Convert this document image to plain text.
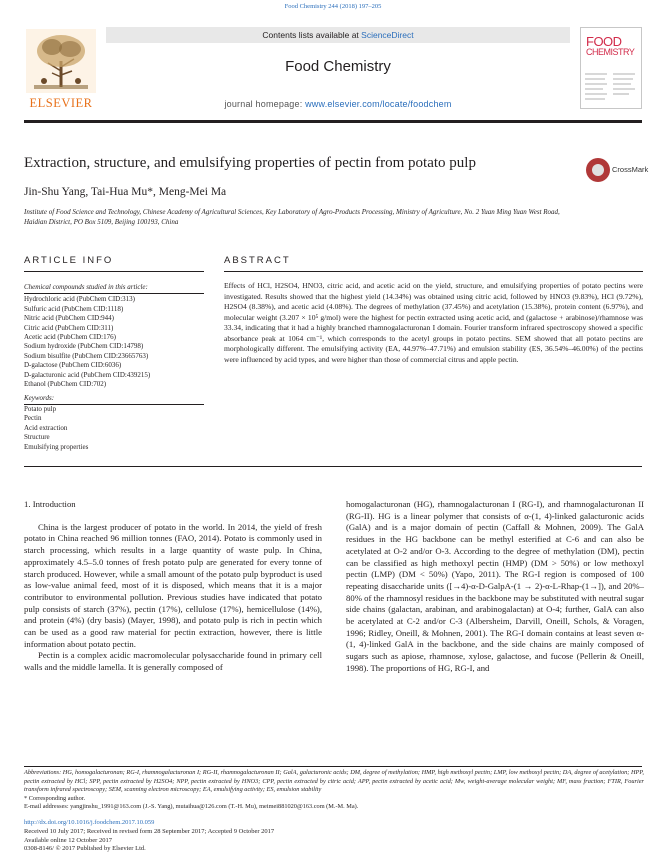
Food Chemistry 244 (2018) 197–205
ELSEVIER
Contents lists available at ScienceDirect
Food Chemistry
journal homepage: www.elsevier.com/locate/foodchem
FOOD
CHEMISTRY
Extraction, structure, and emulsifying properties of pectin from potato pulp	CrossMark
Jin-Shu Yang, Tai-Hua Mu*, Meng-Mei Ma
Institute of Food Science and Technology, Chinese Academy of Agricultural Sciences, Key Laboratory of Agro-Products Processing, Ministry of Agriculture, No. 2 Yuan Ming Yuan West Road, Haidian District, PO Box 5109, Beijing 100193, China
ARTICLE INFO	ABSTRACT
Chemical compounds studied in this article:
Hydrochloric acid (PubChem CID:313)
Sulfuric acid (PubChem CID:1118)
Nitric acid (PubChem CID:944)
Citric acid (PubChem CID:311)
Acetic acid (PubChem CID:176)
Sodium hydroxide (PubChem CID:14798)
Sodium bisulfite (PubChem CID:23665763)
D-galactose (PubChem CID:6036)
D-galacturonic acid (PubChem CID:439215)
Ethanol (PubChem CID:702)
Keywords:
Potato pulp
Pectin
Acid extraction
Structure
Emulsifying properties
Effects of HCl, H2SO4, HNO3, citric acid, and acetic acid on the yield, structure, and emulsifying properties of potato pectins were investigated. Results showed that the highest yield (14.34%) was obtained using citric acid, followed by HNO3 (9.83%), HCl (9.72%), H2SO4 (8.38%), and acetic acid (4.08%). The degrees of methylation (37.45%) and acetylation (15.38%), protein content (6.97%), and molecular weight (3.207 × 10⁵ g/mol) were the highest for pectin extracted using acetic acid, and (galactose + arabinose)/rhamnose was 33.34, indicating that it had a highly branched rhamnogalacturonan I domain. Fourier transform infrared spectroscopy showed a specific absorbance peak at 1064 cm⁻¹, which corresponds to the acetyl groups in potato pectins. SEM showed that all potato pectins are morphologically different. The emulsifying activity (EA, 44.97%–47.71%) and emulsion stability (ES, 36.54%–46.00%) of the pectins were influenced by acid types, and were higher than those of commercial citrus and apple pectin.
1. Introduction

China is the largest producer of potato in the world. In 2014, the yield of fresh potato in China reached 96 million tonnes (FAO, 2014). Potato is commonly used in starch processing, which results in a large quantity of waste pulp. In China, approximately 4.5–5.0 tonnes of fresh potato pulp are generated for every tonne of starch produced. However, while a small amount of the potato pulp byproduct is used as low-value animal feed, most of it is disposed, which means that it is a major contributor to environmental pollution. Previous studies have indicated that potato pulp consists of starch (37%), pectin (17%), cellulose (17%), hemicellulose (14%), and protein (4%) (dry basis) (Mayer, 1998), and potato pulp is rich in pectin which can be used as a good raw material for pectin extraction, however, there is little information about potato pectin.

Pectin is a complex acidic macromolecular polysaccharide found in primary cell walls and the middle lamella. It is generally composed of

homogalacturonan (HG), rhamnogalacturonan I (RG-I), and rhamnogalacturonan II (RG-II). HG is a linear polymer that consists of α-(1, 4)-linked galacturonic acids (GalA) and is a major domain of pectin (Caffall & Mohnen, 2009). The GalA residues in the HG backbone can be methyl esterified at C-6 and can also be acetylated at O-2 and/or O-3. According to the degree of methylation (DM), pectin can be classified as high methoxyl pectin (HMP) (DM > 50%) or low methoxyl pectin (LMP) (DM < 50%) (Yapo, 2011). The RG-I region is composed of 100 repeating disaccharide units ([→4)-α-D-GalpA-(1 → 2)-α-L-Rhap-(1→]), and 20%–80% of the rhamnosyl residues in the backbone may be substituted with neutral sugar side chains (galactan, arabinan, and arabinogalactan) at O-4; further, GalA can also be acetylated at C-2 and/or C-3 (Albersheim, Darvill, Oneill, Schols, & Voragen, 1996; Ridley, Oneill, & Mohnen, 2001). The RG-I domain contains at least seven α-(1, 4)-linked GalA in the backbone, and the side chains are mainly composed of sugars such as apiose, rhamnose, xylose, galactose, and fucose (Pellerin & Oneill, 1998). The proportions of HG, RG-I, and

Abbreviations: HG, homogalacturonan; RG-I, rhamnogalacturonan I; RG-II, rhamnogalacturonan II; GalA, galacturonic acids; DM, degree of methylation; HMP, high methoxyl pectin; LMP, low methoxyl pectin; DA, degree of acetylation; HPP, pectin extracted by HCl; SPP, pectin extracted by H2SO4; NPP, pectin extracted by HNO3; CPP, pectin extracted by citric acid; APP, pectin extracted by acetic acid; Mw, weight-average molecular weight; MF, mass fraction; FTIR, Fourier transform infrared spectroscopy; SEM, scanning electron microscopy; EA, emulsifying activity; ES, emulsion stability
* Corresponding author.
E-mail addresses: yangjinshu_1991@163.com (J.-S. Yang), mutaihua@126.com (T.-H. Mu), meimei881020@163.com (M.-M. Ma).
http://dx.doi.org/10.1016/j.foodchem.2017.10.059
Received 10 July 2017; Received in revised form 28 September 2017; Accepted 9 October 2017
Available online 12 October 2017
0308-8146/ © 2017 Published by Elsevier Ltd.
